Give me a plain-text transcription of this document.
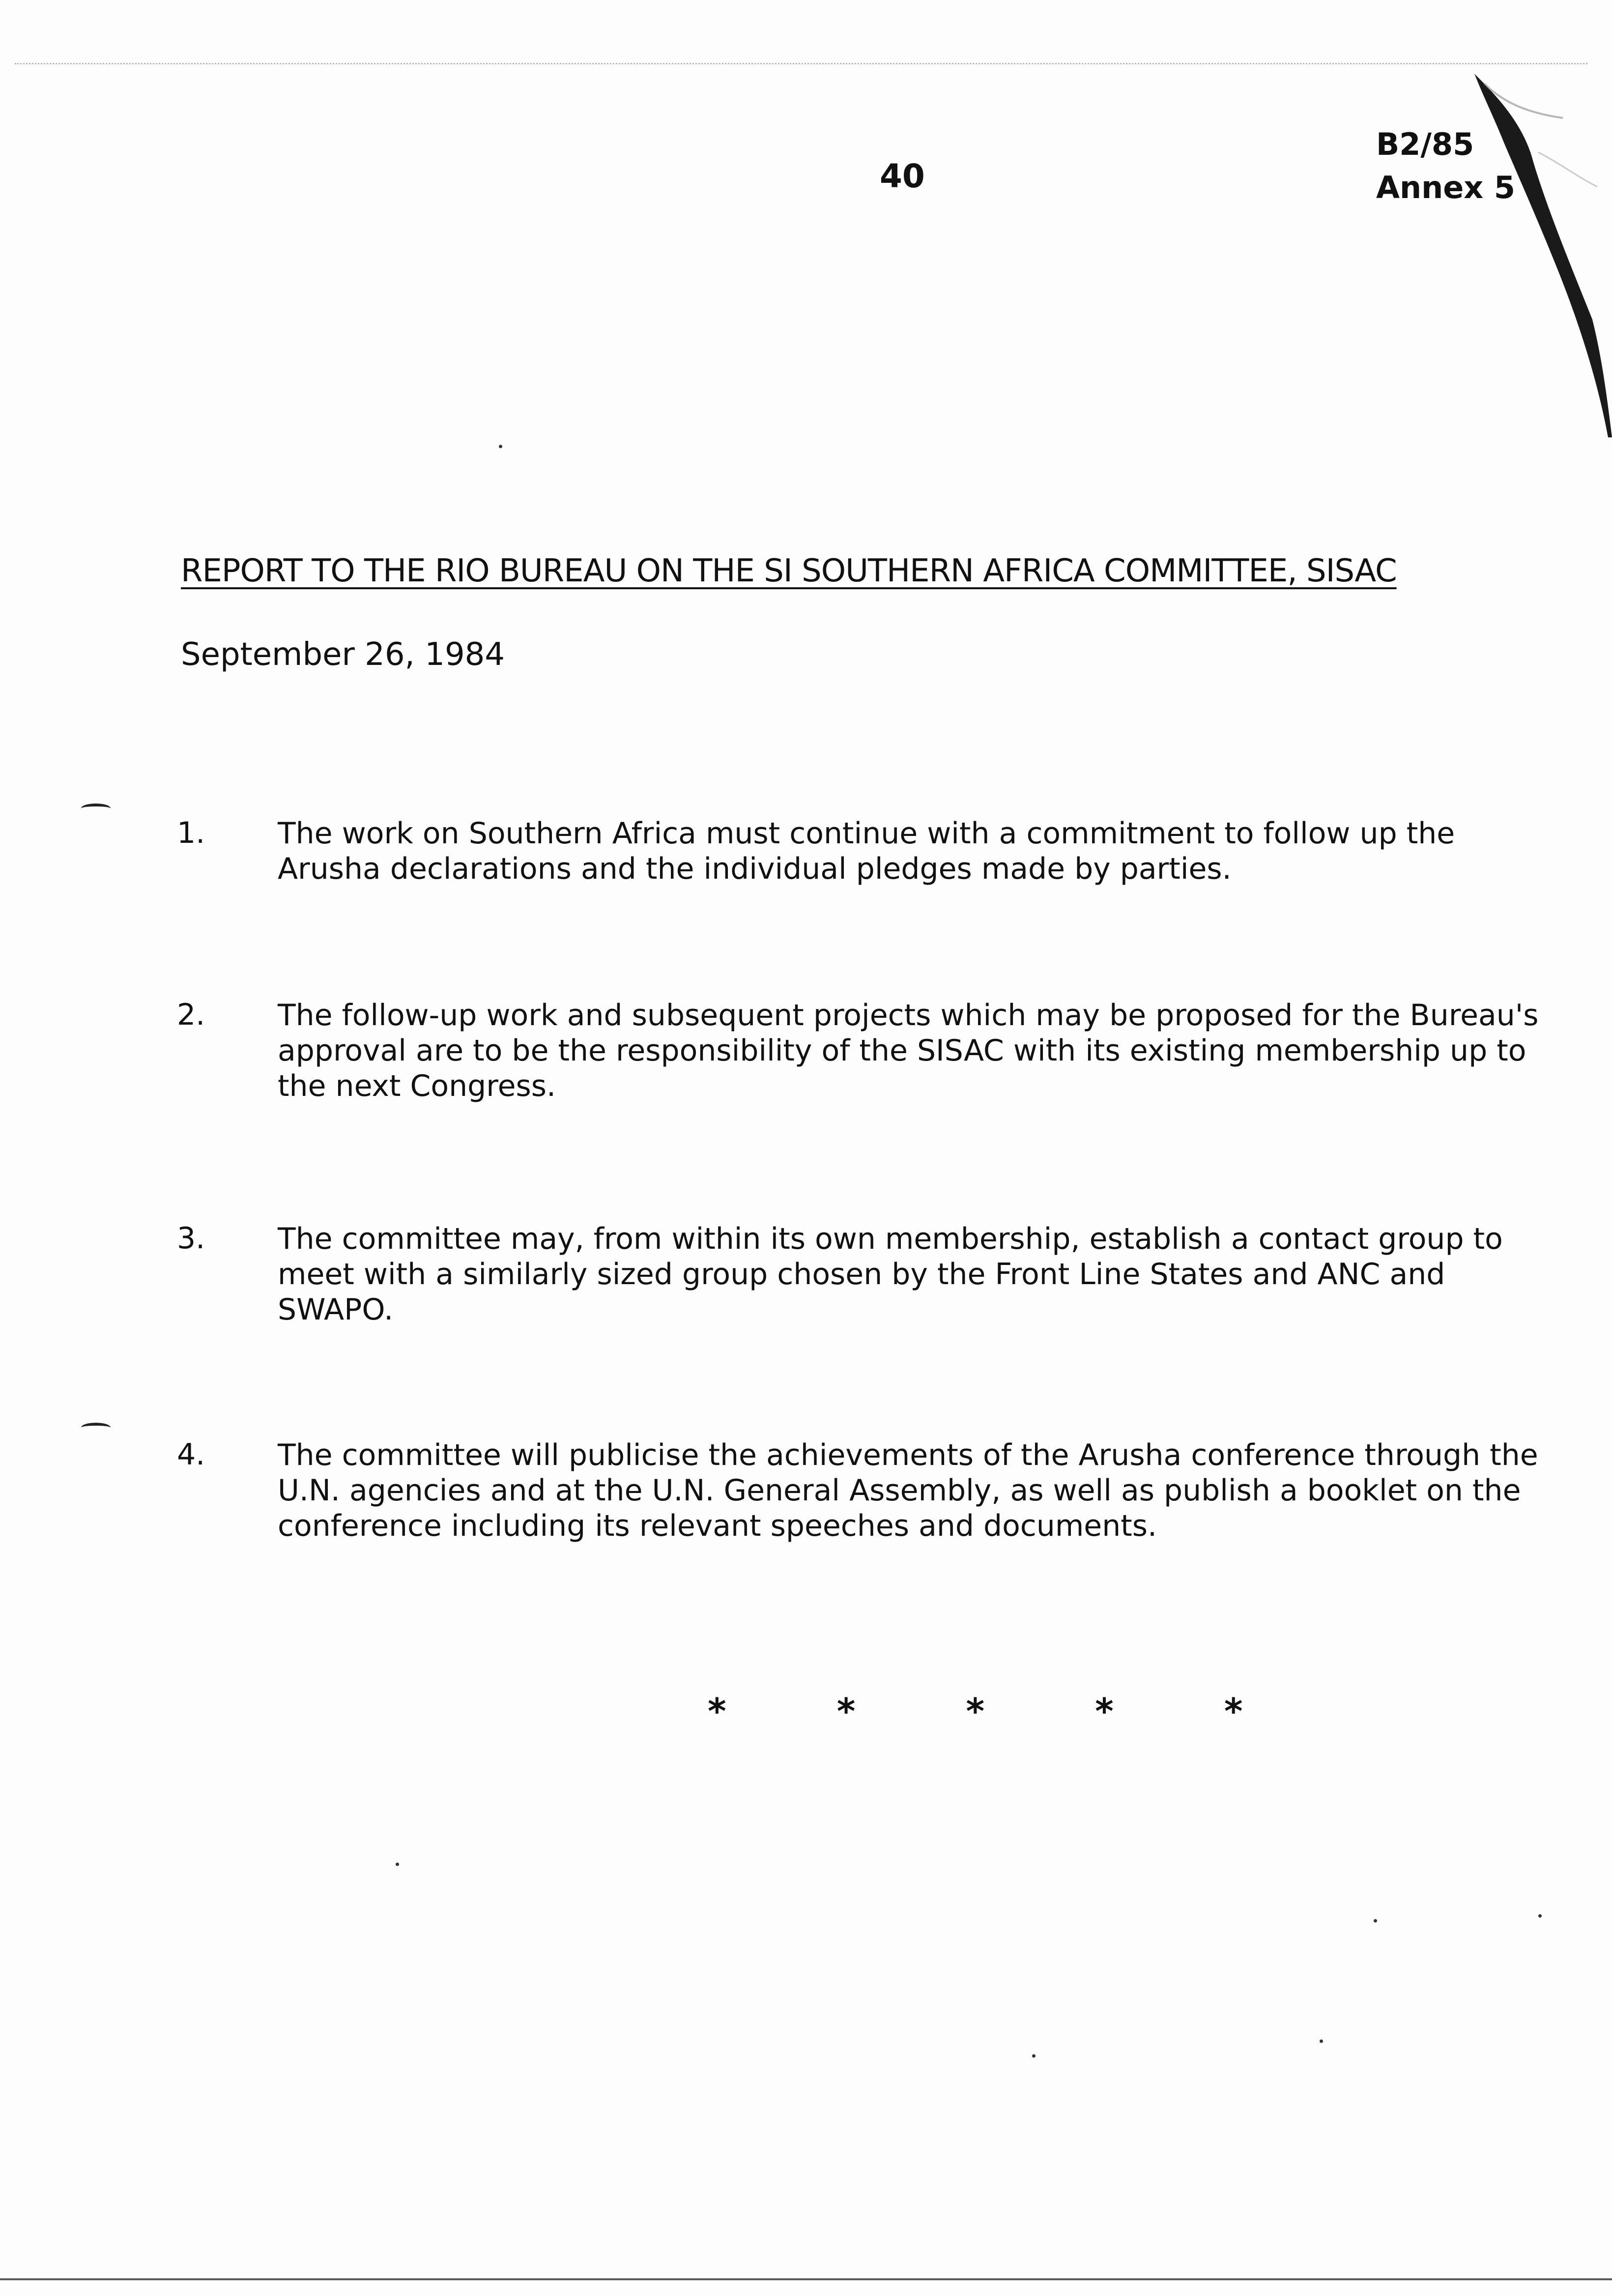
40
B2/85
Annex 5
REPORT TO THE RIO BUREAU ON THE SI SOUTHERN AFRICA COMMITTEE, SISAC
September 26, 1984
1. The work on Southern Africa must continue with a commitment to follow up the Arusha declarations and the individual pledges made by parties.
2. The follow-up work and subsequent projects which may be proposed for the Bureau's approval are to be the responsibility of the SISAC with its existing membership up to the next Congress.
3. The committee may, from within its own membership, establish a contact group to meet with a similarly sized group chosen by the Front Line States and ANC and SWAPO.
4. The committee will publicise the achievements of the Arusha conference through the U.N. agencies and at the U.N. General Assembly, as well as publish a booklet on the conference including its relevant speeches and documents.
* * * * *
